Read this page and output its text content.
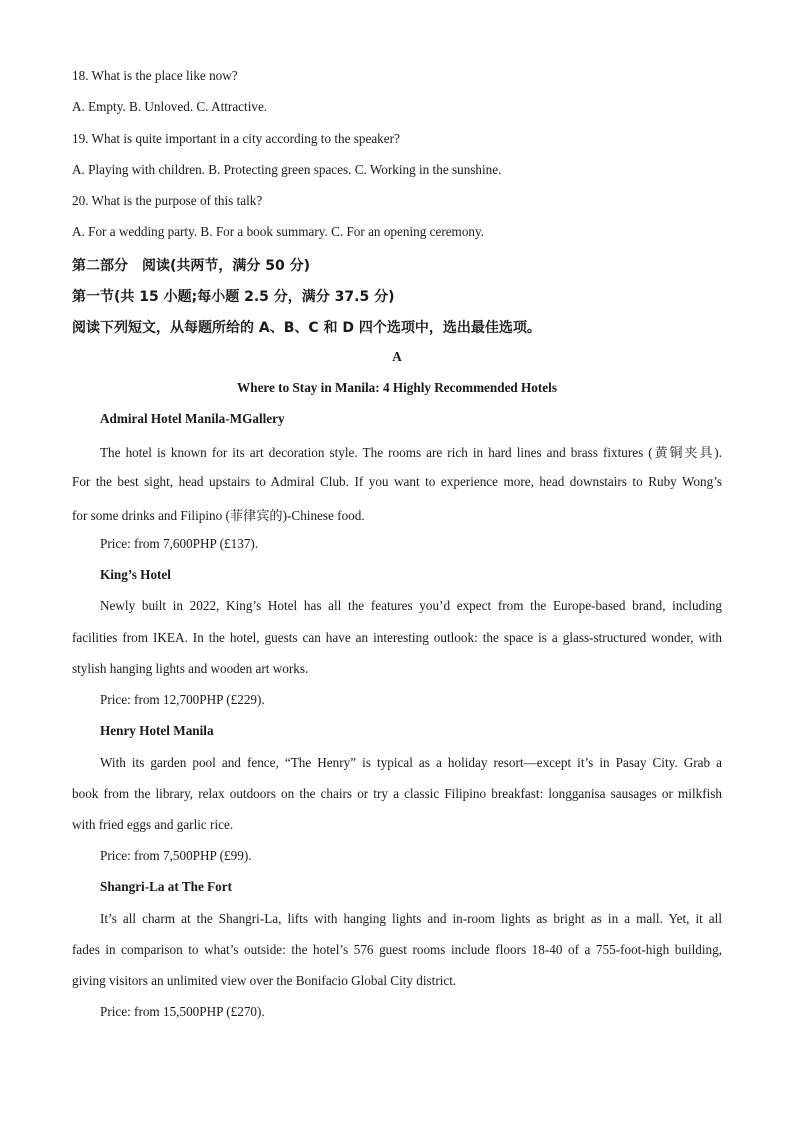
18. What is the place like now?
A. Empty. B. Unloved. C. Attractive.
19. What is quite important in a city according to the speaker?
A. Playing with children. B. Protecting green spaces. C. Working in the sunshine.
20. What is the purpose of this talk?
A. For a wedding party. B. For a book summary. C. For an opening ceremony.
第二部分　阅读(共两节，满分 50 分)
第一节(共 15 小题;每小题 2.5 分，满分 37.5 分)
阅读下列短文，从每题所给的 A、B、C 和 D 四个选项中，选出最佳选项。
A
Where to Stay in Manila: 4 Highly Recommended Hotels
Admiral Hotel Manila-MGallery
The hotel is known for its art decoration style. The rooms are rich in hard lines and brass fixtures (黄铜夹具).
For the best sight, head upstairs to Admiral Club. If you want to experience more, head downstairs to Ruby Wong’s
for some drinks and Filipino (菲律宾的)-Chinese food.
Price: from 7,600PHP (£137).
King’s Hotel
Newly built in 2022, King’s Hotel has all the features you’d expect from the Europe-based brand, including
facilities from IKEA. In the hotel, guests can have an interesting outlook: the space is a glass-structured wonder, with
stylish hanging lights and wooden art works.
Price: from 12,700PHP (£229).
Henry Hotel Manila
With its garden pool and fence, “The Henry” is typical as a holiday resort—except it’s in Pasay City. Grab a
book from the library, relax outdoors on the chairs or try a classic Filipino breakfast: longganisa sausages or milkfish
with fried eggs and garlic rice.
Price: from 7,500PHP (£99).
Shangri-La at The Fort
It’s all charm at the Shangri-La, lifts with hanging lights and in-room lights as bright as in a mall. Yet, it all
fades in comparison to what’s outside: the hotel’s 576 guest rooms include floors 18-40 of a 755-foot-high building,
giving visitors an unlimited view over the Bonifacio Global City district.
Price: from 15,500PHP (£270).
